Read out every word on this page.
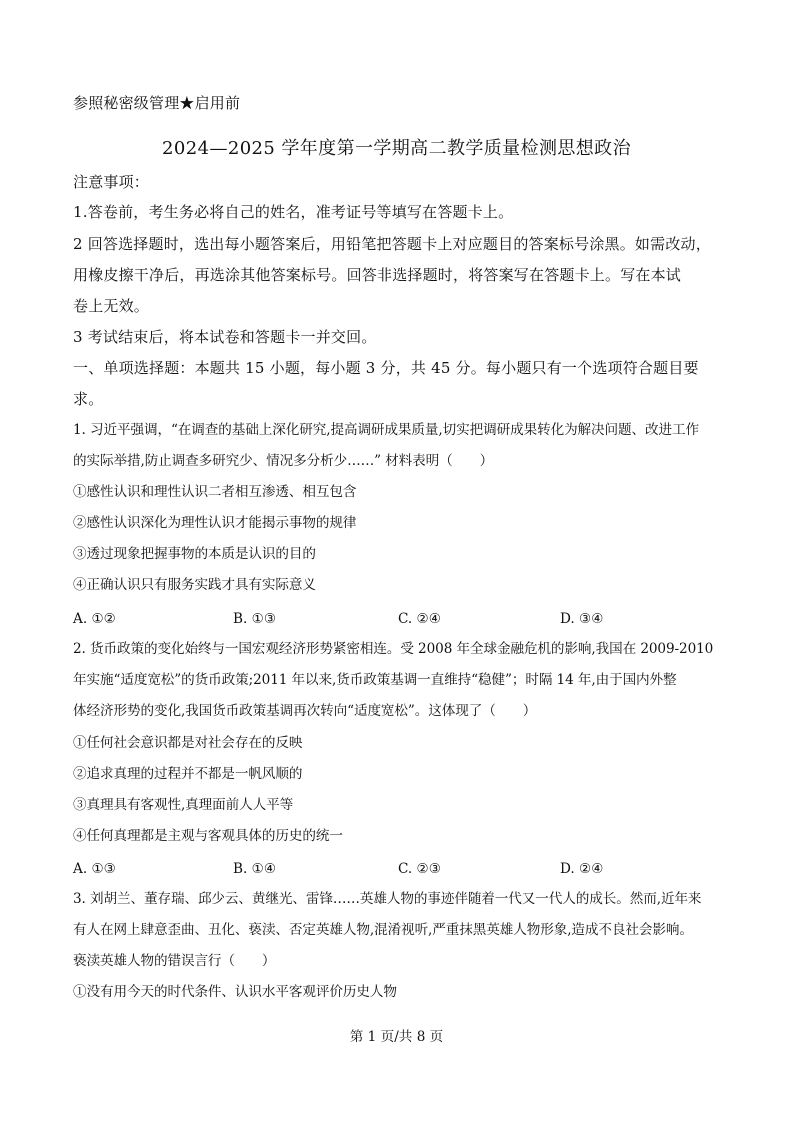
参照秘密级管理★启用前
2024—2025 学年度第一学期高二教学质量检测思想政治
注意事项：
1.答卷前，考生务必将自己的姓名，准考证号等填写在答题卡上。
2 回答选择题时，选出每小题答案后，用铅笔把答题卡上对应题目的答案标号涂黑。如需改动，
用橡皮擦干净后，再选涂其他答案标号。回答非选择题时，将答案写在答题卡上。写在本试
卷上无效。
3 考试结束后，将本试卷和答题卡一并交回。
一、单项选择题：本题共 15 小题，每小题 3 分，共 45 分。每小题只有一个选项符合题目要
求。
1. 习近平强调，“在调查的基础上深化研究,提高调研成果质量,切实把调研成果转化为解决问题、改进工作
的实际举措,防止调查多研究少、情况多分析少……” 材料表明（　　）
①感性认识和理性认识二者相互渗透、相互包含
②感性认识深化为理性认识才能揭示事物的规律
③透过现象把握事物的本质是认识的目的
④正确认识只有服务实践才具有实际意义
A. ①②	B. ①③	C. ②④	D. ③④
2. 货币政策的变化始终与一国宏观经济形势紧密相连。受 2008 年全球金融危机的影响,我国在 2009-2010
年实施“适度宽松”的货币政策;2011 年以来,货币政策基调一直维持“稳健”；时隔 14 年,由于国内外整
体经济形势的变化,我国货币政策基调再次转向“适度宽松”。这体现了（　　）
①任何社会意识都是对社会存在的反映
②追求真理的过程并不都是一帆风顺的
③真理具有客观性,真理面前人人平等
④任何真理都是主观与客观具体的历史的统一
A. ①③	B. ①④	C. ②③	D. ②④
3. 刘胡兰、董存瑞、邱少云、黄继光、雷锋……英雄人物的事迹伴随着一代又一代人的成长。然而,近年来
有人在网上肆意歪曲、丑化、亵渎、否定英雄人物,混淆视听,严重抹黑英雄人物形象,造成不良社会影响。
亵渎英雄人物的错误言行（　　）
①没有用今天的时代条件、认识水平客观评价历史人物
第 1 页/共 8 页
